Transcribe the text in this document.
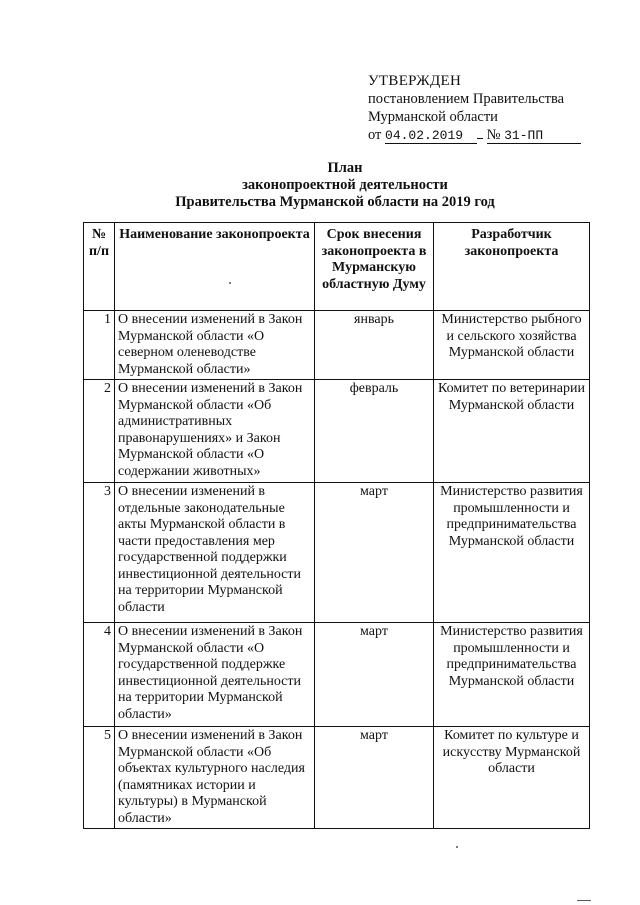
УТВЕРЖДЕН
постановлением Правительства
Мурманской области
от 04.02.2019 № 31-ПП
План
законопроектной деятельности
Правительства Мурманской области на 2019 год
№ п/п	Наименование законопроекта	Срок внесения законопроекта в Мурманскую областную Думу	Разработчик законопроекта
1	О внесении изменений в Закон Мурманской области «О северном оленеводстве Мурманской области»	январь	Министерство рыбного и сельского хозяйства Мурманской области
2	О внесении изменений в Закон Мурманской области «Об административных правонарушениях» и Закон Мурманской области «О содержании животных»	февраль	Комитет по ветеринарии Мурманской области
3	О внесении изменений в отдельные законодательные акты Мурманской области в части предоставления мер государственной поддержки инвестиционной деятельности на территории Мурманской области	март	Министерство развития промышленности и предпринимательства Мурманской области
4	О внесении изменений в Закон Мурманской области «О государственной поддержке инвестиционной деятельности на территории Мурманской области»	март	Министерство развития промышленности и предпринимательства Мурманской области
5	О внесении изменений в Закон Мурманской области «Об объектах культурного наследия (памятниках истории и культуры) в Мурманской области»	март	Комитет по культуре и искусству Мурманской области
